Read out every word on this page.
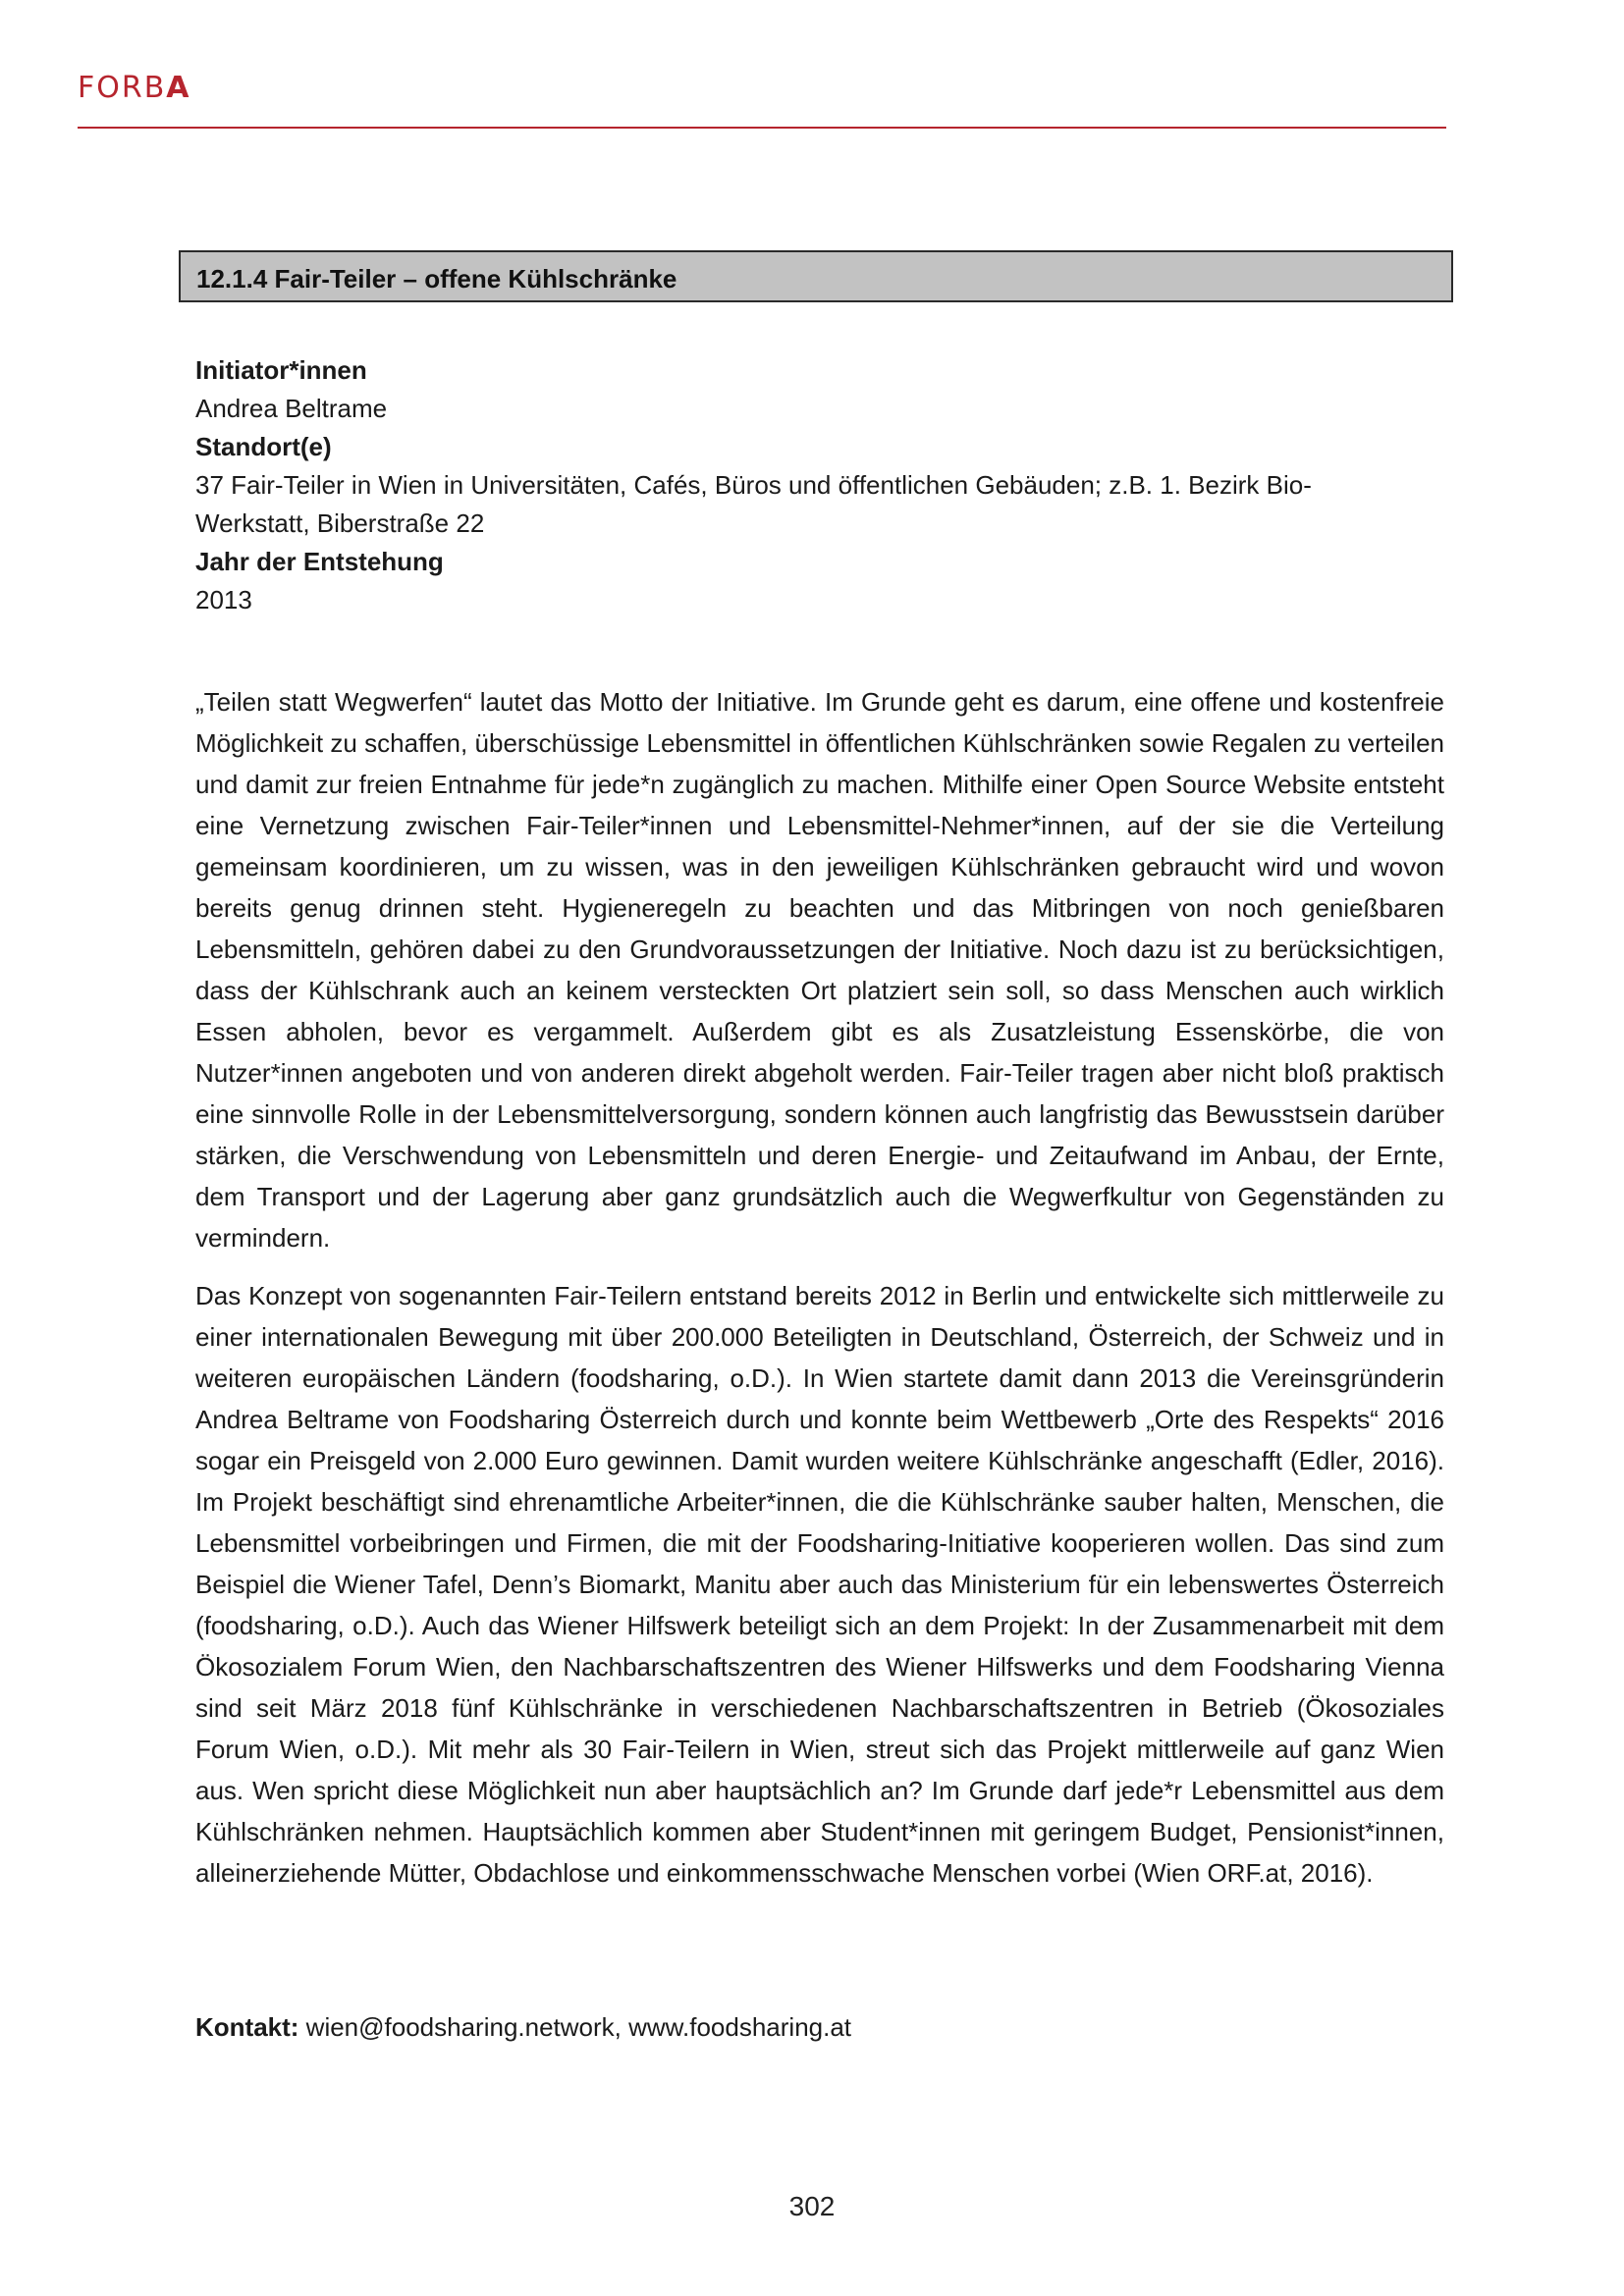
FORBA
12.1.4 Fair-Teiler – offene Kühlschränke
Initiator*innen
Andrea Beltrame
Standort(e)
37 Fair-Teiler in Wien in Universitäten, Cafés, Büros und öffentlichen Gebäuden; z.B. 1. Bezirk Bio-
Werkstatt, Biberstraße 22
Jahr der Entstehung
2013

„Teilen statt Wegwerfen“ lautet das Motto der Initiative. Im Grunde geht es darum, eine offene und kostenfreie Möglichkeit zu schaffen, überschüssige Lebensmittel in öffentlichen Kühlschränken sowie Regalen zu verteilen und damit zur freien Entnahme für jede*n zugänglich zu machen. Mithilfe einer Open Source Website entsteht eine Vernetzung zwischen Fair-Teiler*innen und Lebensmittel-Nehmer*innen, auf der sie die Verteilung gemeinsam koordinieren, um zu wissen, was in den jeweiligen Kühlschränken gebraucht wird und wovon bereits genug drinnen steht. Hygieneregeln zu beachten und das Mitbringen von noch genießbaren Lebensmitteln, gehören dabei zu den Grundvoraussetzungen der Initiative. Noch dazu ist zu berücksichtigen, dass der Kühlschrank auch an keinem versteckten Ort platziert sein soll, so dass Menschen auch wirklich Essen abholen, bevor es vergammelt. Außerdem gibt es als Zusatzleistung Essenskörbe, die von Nutzer*innen angeboten und von anderen direkt abgeholt werden. Fair-Teiler tragen aber nicht bloß praktisch eine sinnvolle Rolle in der Lebensmittelversorgung, sondern können auch langfristig das Bewusstsein darüber stärken, die Verschwendung von Lebensmitteln und deren Energie- und Zeitaufwand im Anbau, der Ernte, dem Transport und der Lagerung aber ganz grundsätzlich auch die Wegwerfkultur von Gegenständen zu vermindern.

Das Konzept von sogenannten Fair-Teilern entstand bereits 2012 in Berlin und entwickelte sich mittlerweile zu einer internationalen Bewegung mit über 200.000 Beteiligten in Deutschland, Österreich, der Schweiz und in weiteren europäischen Ländern (foodsharing, o.D.). In Wien startete damit dann 2013 die Vereinsgründerin Andrea Beltrame von Foodsharing Österreich durch und konnte beim Wettbewerb „Orte des Respekts“ 2016 sogar ein Preisgeld von 2.000 Euro gewinnen. Damit wurden weitere Kühlschränke angeschafft (Edler, 2016). Im Projekt beschäftigt sind ehrenamtliche Arbeiter*innen, die die Kühlschränke sauber halten, Menschen, die Lebensmittel vorbeibringen und Firmen, die mit der Foodsharing-Initiative kooperieren wollen. Das sind zum Beispiel die Wiener Tafel, Denn’s Biomarkt, Manitu aber auch das Ministerium für ein lebenswertes Österreich (foodsharing, o.D.). Auch das Wiener Hilfswerk beteiligt sich an dem Projekt: In der Zusammenarbeit mit dem Ökosozialem Forum Wien, den Nachbarschaftszentren des Wiener Hilfswerks und dem Foodsharing Vienna sind seit März 2018 fünf Kühlschränke in verschiedenen Nachbarschaftszentren in Betrieb (Ökosoziales Forum Wien, o.D.). Mit mehr als 30 Fair-Teilern in Wien, streut sich das Projekt mittlerweile auf ganz Wien aus. Wen spricht diese Möglichkeit nun aber hauptsächlich an? Im Grunde darf jede*r Lebensmittel aus dem Kühlschränken nehmen. Hauptsächlich kommen aber Student*innen mit geringem Budget, Pensionist*innen, alleinerziehende Mütter, Obdachlose und einkommensschwache Menschen vorbei (Wien ORF.at, 2016).

Kontakt: wien@foodsharing.network, www.foodsharing.at
302
